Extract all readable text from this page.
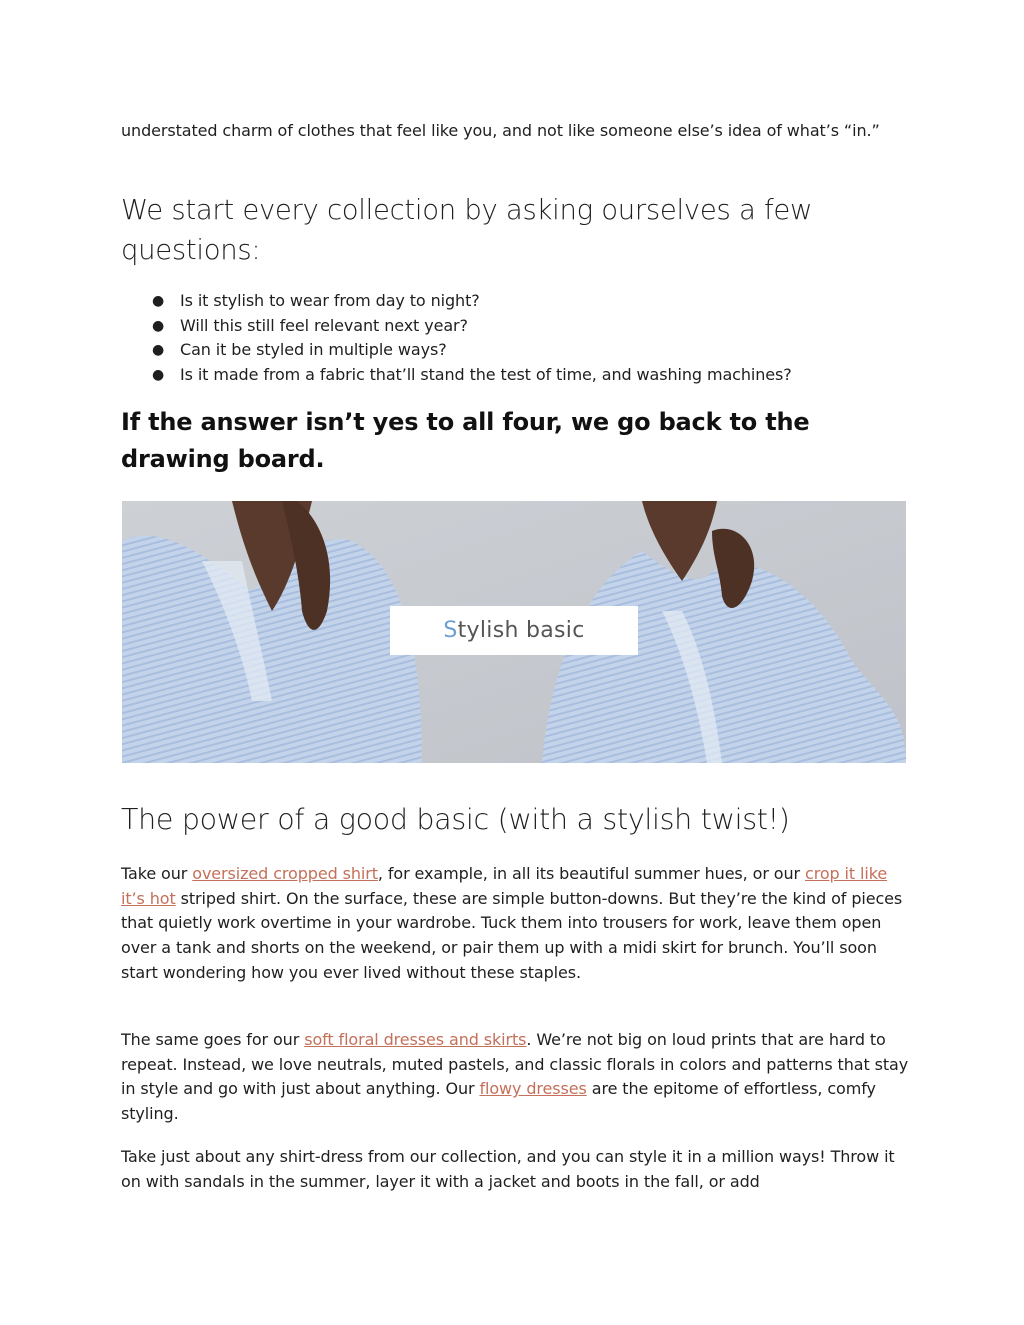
understated charm of clothes that feel like you, and not like someone else’s idea of what’s “in.”

We start every collection by asking ourselves a few questions:
● Is it stylish to wear from day to night?
● Will this still feel relevant next year?
● Can it be styled in multiple ways?
● Is it made from a fabric that’ll stand the test of time, and washing machines?
If the answer isn’t yes to all four, we go back to the drawing board.
S tylish basic
The power of a good basic (with a stylish twist!)

Take our oversized cropped shirt, for example, in all its beautiful summer hues, or our crop it like it’s hot striped shirt. On the surface, these are simple button-downs. But they’re the kind of pieces that quietly work overtime in your wardrobe. Tuck them into trousers for work, leave them open over a tank and shorts on the weekend, or pair them up with a midi skirt for brunch. You’ll soon start wondering how you ever lived without these staples.

The same goes for our soft floral dresses and skirts. We’re not big on loud prints that are hard to repeat. Instead, we love neutrals, muted pastels, and classic florals in colors and patterns that stay in style and go with just about anything. Our flowy dresses are the epitome of effortless, comfy styling.

Take just about any shirt-dress from our collection, and you can style it in a million ways! Throw it on with sandals in the summer, layer it with a jacket and boots in the fall, or add
